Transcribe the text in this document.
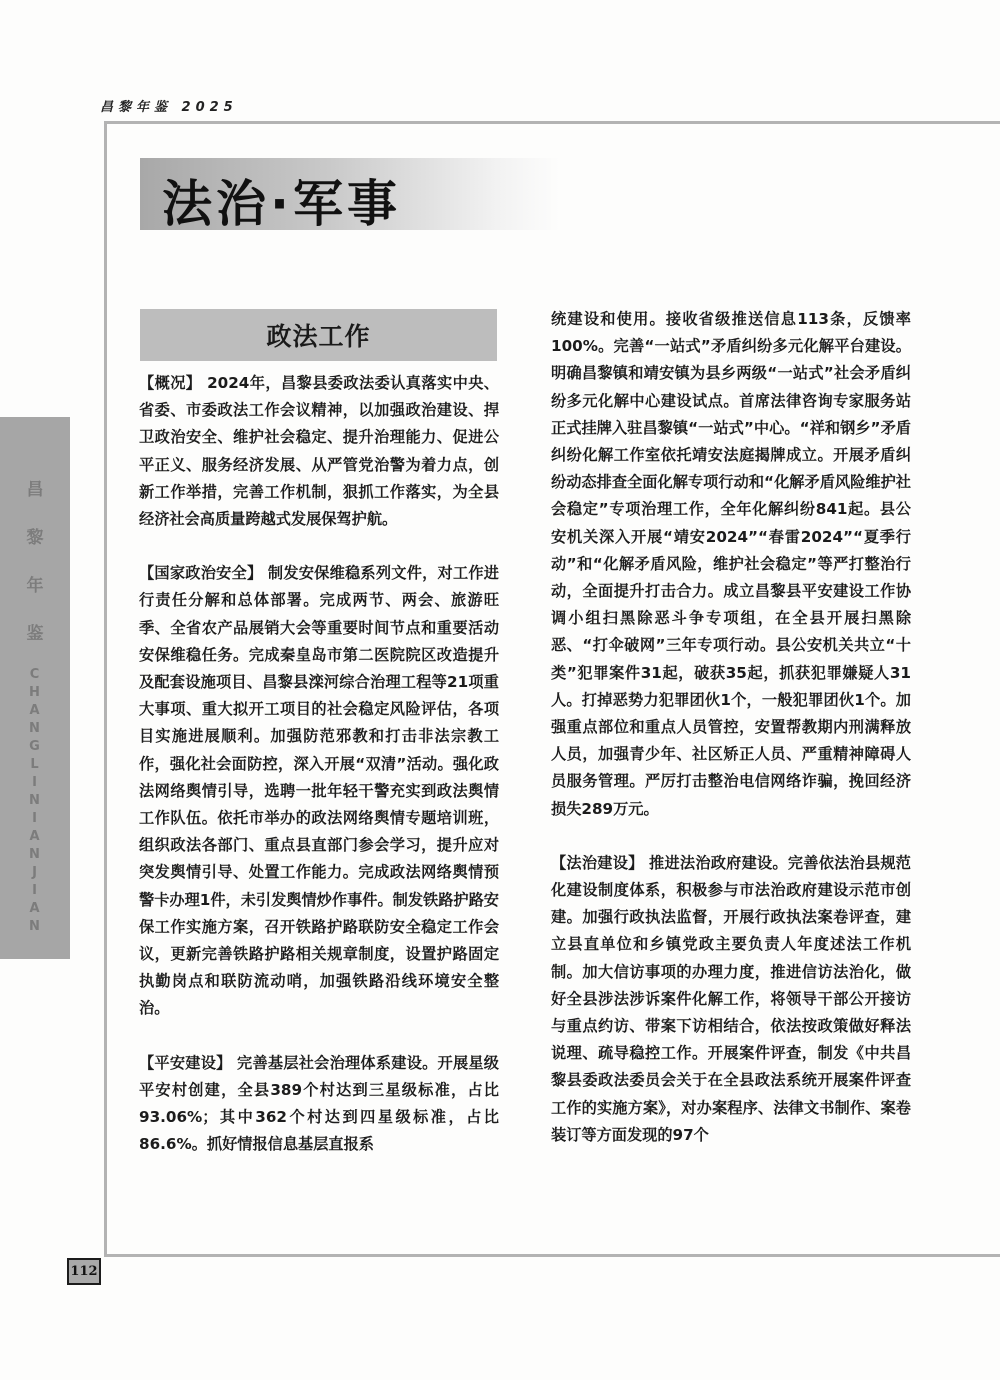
昌黎年鉴 2025
法治·军事
政法工作

【概况】 2024年，昌黎县委政法委认真落实中央、省委、市委政法工作会议精神，以加强政治建设、捍卫政治安全、维护社会稳定、提升治理能力、促进公平正义、服务经济发展、从严管党治警为着力点，创新工作举措，完善工作机制，狠抓工作落实，为全县经济社会高质量跨越式发展保驾护航。

【国家政治安全】 制发安保维稳系列文件，对工作进行责任分解和总体部署。完成两节、两会、旅游旺季、全省农产品展销大会等重要时间节点和重要活动安保维稳任务。完成秦皇岛市第二医院院区改造提升及配套设施项目、昌黎县滦河综合治理工程等21项重大事项、重大拟开工项目的社会稳定风险评估，各项目实施进展顺利。加强防范邪教和打击非法宗教工作，强化社会面防控，深入开展“双清”活动。强化政法网络舆情引导，选聘一批年轻干警充实到政法舆情工作队伍。依托市举办的政法网络舆情专题培训班，组织政法各部门、重点县直部门参会学习，提升应对突发舆情引导、处置工作能力。完成政法网络舆情预警卡办理1件，未引发舆情炒作事件。制发铁路护路安保工作实施方案，召开铁路护路联防安全稳定工作会议，更新完善铁路护路相关规章制度，设置护路固定执勤岗点和联防流动哨，加强铁路沿线环境安全整治。

【平安建设】 完善基层社会治理体系建设。开展星级平安村创建，全县389个村达到三星级标准，占比93.06%；其中362个村达到四星级标准，占比86.6%。抓好情报信息基层直报系

统建设和使用。接收省级推送信息113条，反馈率100%。完善“一站式”矛盾纠纷多元化解平台建设。明确昌黎镇和靖安镇为县乡两级“一站式”社会矛盾纠纷多元化解中心建设试点。首席法律咨询专家服务站正式挂牌入驻昌黎镇“一站式”中心。“祥和钢乡”矛盾纠纷化解工作室依托靖安法庭揭牌成立。开展矛盾纠纷动态排查全面化解专项行动和“化解矛盾风险维护社会稳定”专项治理工作，全年化解纠纷841起。县公安机关深入开展“靖安2024”“春雷2024”“夏季行动”和“化解矛盾风险，维护社会稳定”等严打整治行动，全面提升打击合力。成立昌黎县平安建设工作协调小组扫黑除恶斗争专项组，在全县开展扫黑除恶、“打伞破网”三年专项行动。县公安机关共立“十类”犯罪案件31起，破获35起，抓获犯罪嫌疑人31人。打掉恶势力犯罪团伙1个，一般犯罪团伙1个。加强重点部位和重点人员管控，安置帮教期内刑满释放人员，加强青少年、社区矫正人员、严重精神障碍人员服务管理。严厉打击整治电信网络诈骗，挽回经济损失289万元。

【法治建设】 推进法治政府建设。完善依法治县规范化建设制度体系，积极参与市法治政府建设示范市创建。加强行政执法监督，开展行政执法案卷评查，建立县直单位和乡镇党政主要负责人年度述法工作机制。加大信访事项的办理力度，推进信访法治化，做好全县涉法涉诉案件化解工作，将领导干部公开接访与重点约访、带案下访相结合，依法按政策做好释法说理、疏导稳控工作。开展案件评查，制发《中共昌黎县委政法委员会关于在全县政法系统开展案件评查工作的实施方案》，对办案程序、法律文书制作、案卷装订等方面发现的97个

昌
黎
年
鉴
CHANGLINIANJIAN
112
